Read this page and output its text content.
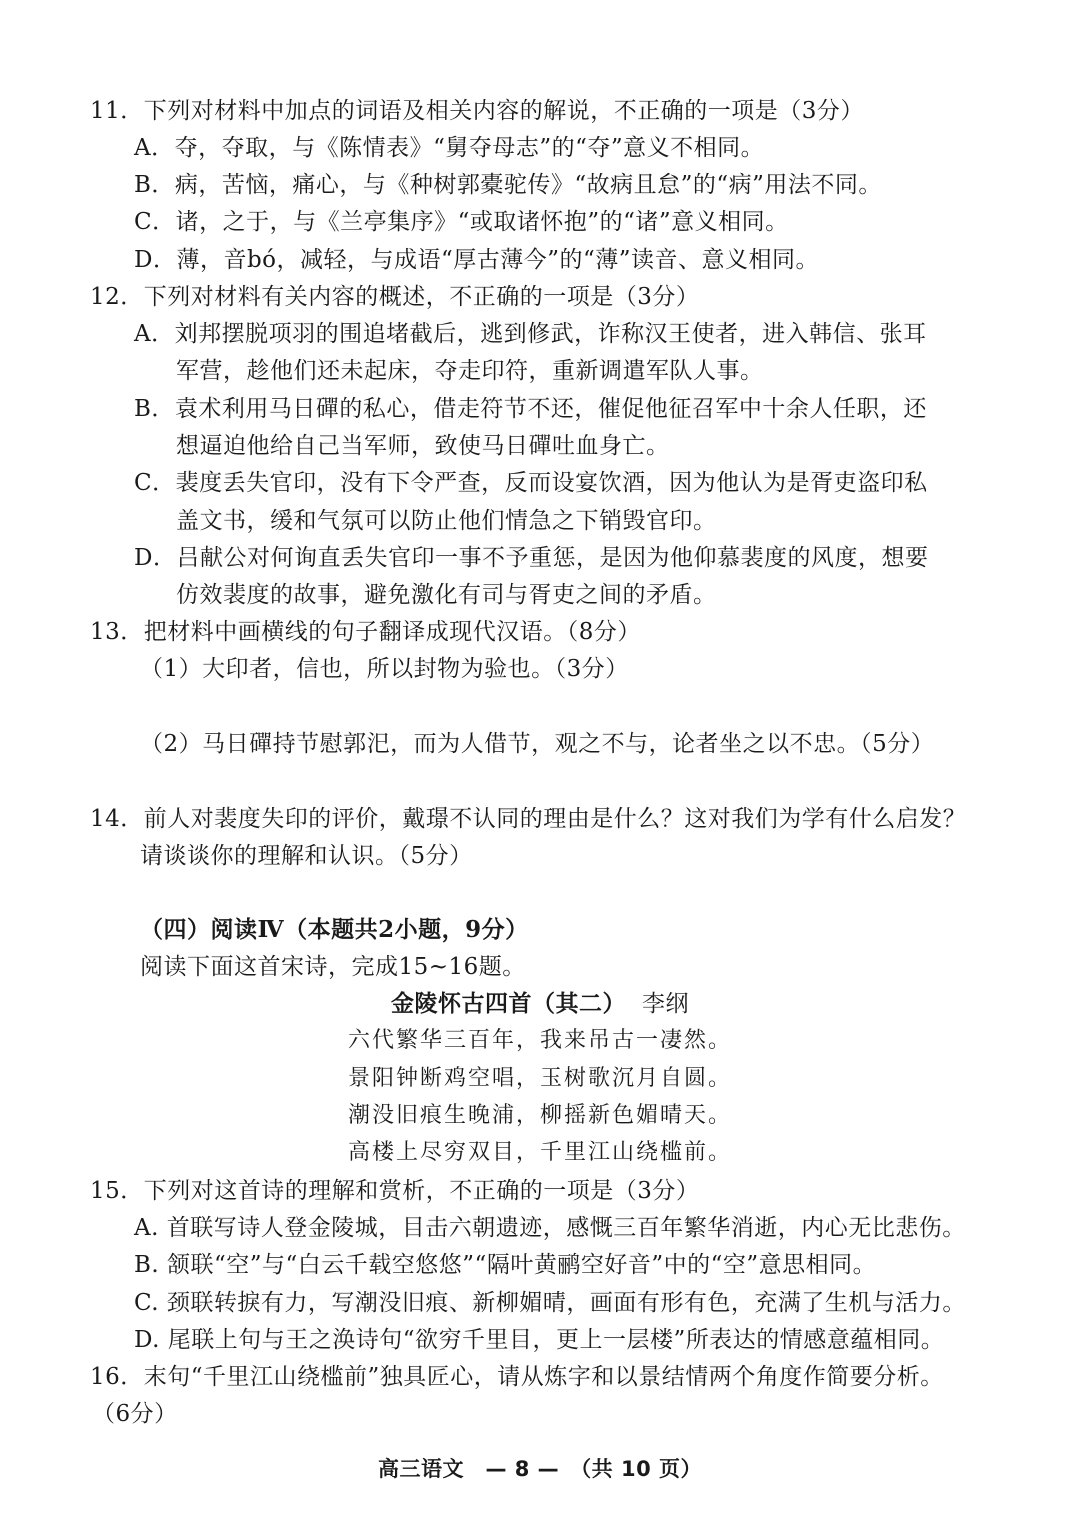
11．下列对材料中加点的词语及相关内容的解说，不正确的一项是（3分）
A．夺，夺取，与《陈情表》“舅夺母志”的“夺”意义不相同。
B．病，苦恼，痛心，与《种树郭橐驼传》“故病且怠”的“病”用法不同。
C．诸，之于，与《兰亭集序》“或取诸怀抱”的“诸”意义相同。
D．薄，音bó，减轻，与成语“厚古薄今”的“薄”读音、意义相同。
12．下列对材料有关内容的概述，不正确的一项是（3分）
A．刘邦摆脱项羽的围追堵截后，逃到修武，诈称汉王使者，进入韩信、张耳
军营，趁他们还未起床，夺走印符，重新调遣军队人事。
B．袁术利用马日磾的私心，借走符节不还，催促他征召军中十余人任职，还
想逼迫他给自己当军师，致使马日磾吐血身亡。
C．裴度丢失官印，没有下令严查，反而设宴饮酒，因为他认为是胥吏盗印私
盖文书，缓和气氛可以防止他们情急之下销毁官印。
D．吕献公对何询直丢失官印一事不予重惩，是因为他仰慕裴度的风度，想要
仿效裴度的故事，避免激化有司与胥吏之间的矛盾。
13．把材料中画横线的句子翻译成现代汉语。（8分）
（1）大印者，信也，所以封物为验也。（3分）
（2）马日磾持节慰郭汜，而为人借节，观之不与，论者坐之以不忠。（5分）
14．前人对裴度失印的评价，戴璟不认同的理由是什么？这对我们为学有什么启发？
请谈谈你的理解和认识。（5分）
（四）阅读Ⅳ（本题共2小题，9分）
阅读下面这首宋诗，完成15~16题。
金陵怀古四首（其二） 李纲
六代繁华三百年，我来吊古一凄然。
景阳钟断鸡空唱，玉树歌沉月自圆。
潮没旧痕生晚浦，柳摇新色媚晴天。
高楼上尽穷双目，千里江山绕槛前。
15．下列对这首诗的理解和赏析，不正确的一项是（3分）
A. 首联写诗人登金陵城，目击六朝遗迹，感慨三百年繁华消逝，内心无比悲伤。
B. 颔联“空”与“白云千载空悠悠”“隔叶黄鹂空好音”中的“空”意思相同。
C. 颈联转捩有力，写潮没旧痕、新柳媚晴，画面有形有色，充满了生机与活力。
D. 尾联上句与王之涣诗句“欲穷千里目，更上一层楼”所表达的情感意蕴相同。
16．末句“千里江山绕槛前”独具匠心，请从炼字和以景结情两个角度作简要分析。
（6分）
高三语文　— 8 —　（共 10 页）
